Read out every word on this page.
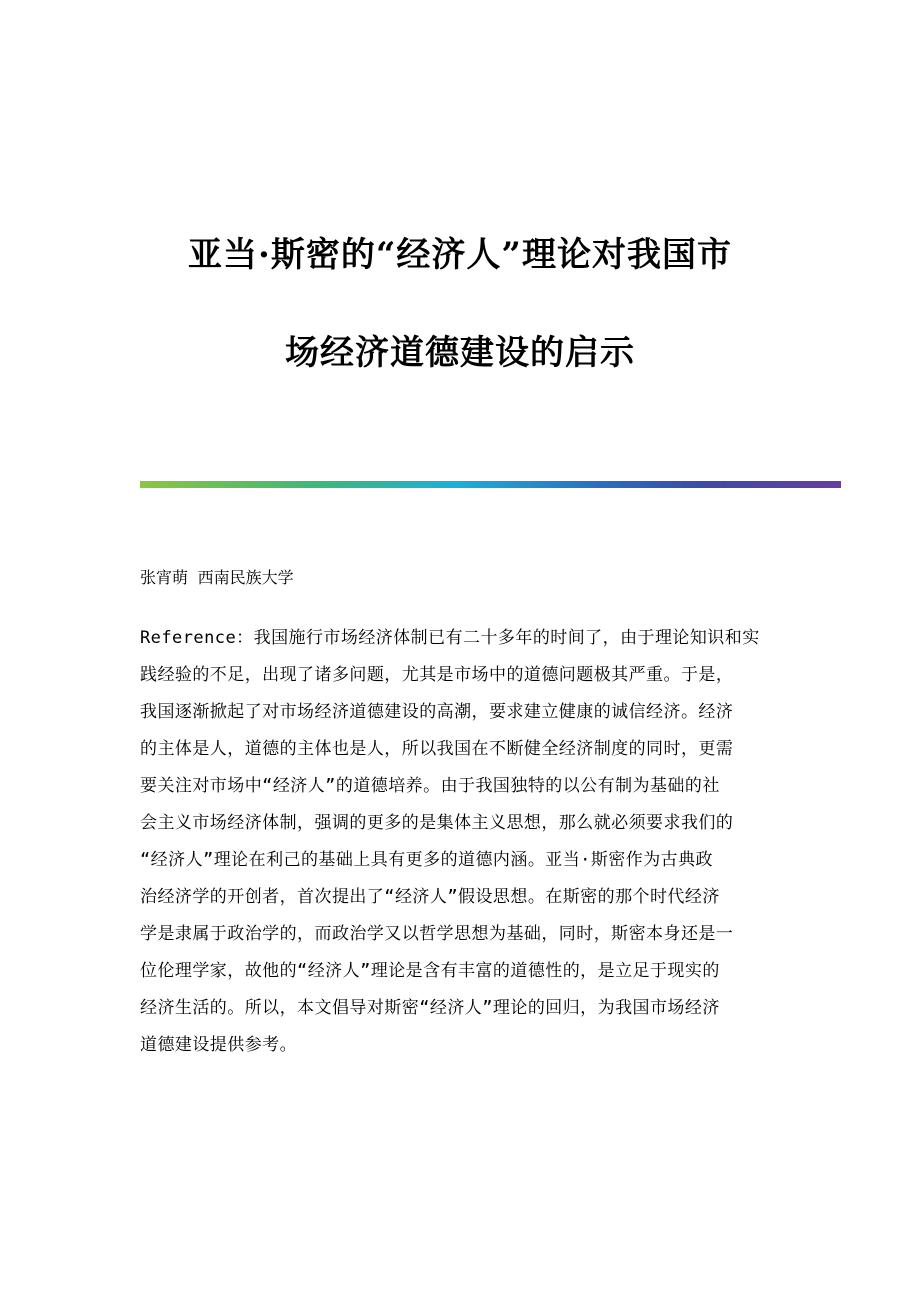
亚当·斯密的“经济人”理论对我国市
场经济道德建设的启示

张宵萌 西南民族大学

Reference：我国施行市场经济体制已有二十多年的时间了，由于理论知识和实
践经验的不足，出现了诸多问题，尤其是市场中的道德问题极其严重。于是，
我国逐渐掀起了对市场经济道德建设的高潮，要求建立健康的诚信经济。经济
的主体是人，道德的主体也是人，所以我国在不断健全经济制度的同时，更需
要关注对市场中“经济人”的道德培养。由于我国独特的以公有制为基础的社
会主义市场经济体制，强调的更多的是集体主义思想，那么就必须要求我们的
“经济人”理论在利己的基础上具有更多的道德内涵。亚当·斯密作为古典政
治经济学的开创者，首次提出了“经济人”假设思想。在斯密的那个时代经济
学是隶属于政治学的，而政治学又以哲学思想为基础，同时，斯密本身还是一
位伦理学家，故他的“经济人”理论是含有丰富的道德性的，是立足于现实的
经济生活的。所以，本文倡导对斯密“经济人”理论的回归，为我国市场经济
道德建设提供参考。
